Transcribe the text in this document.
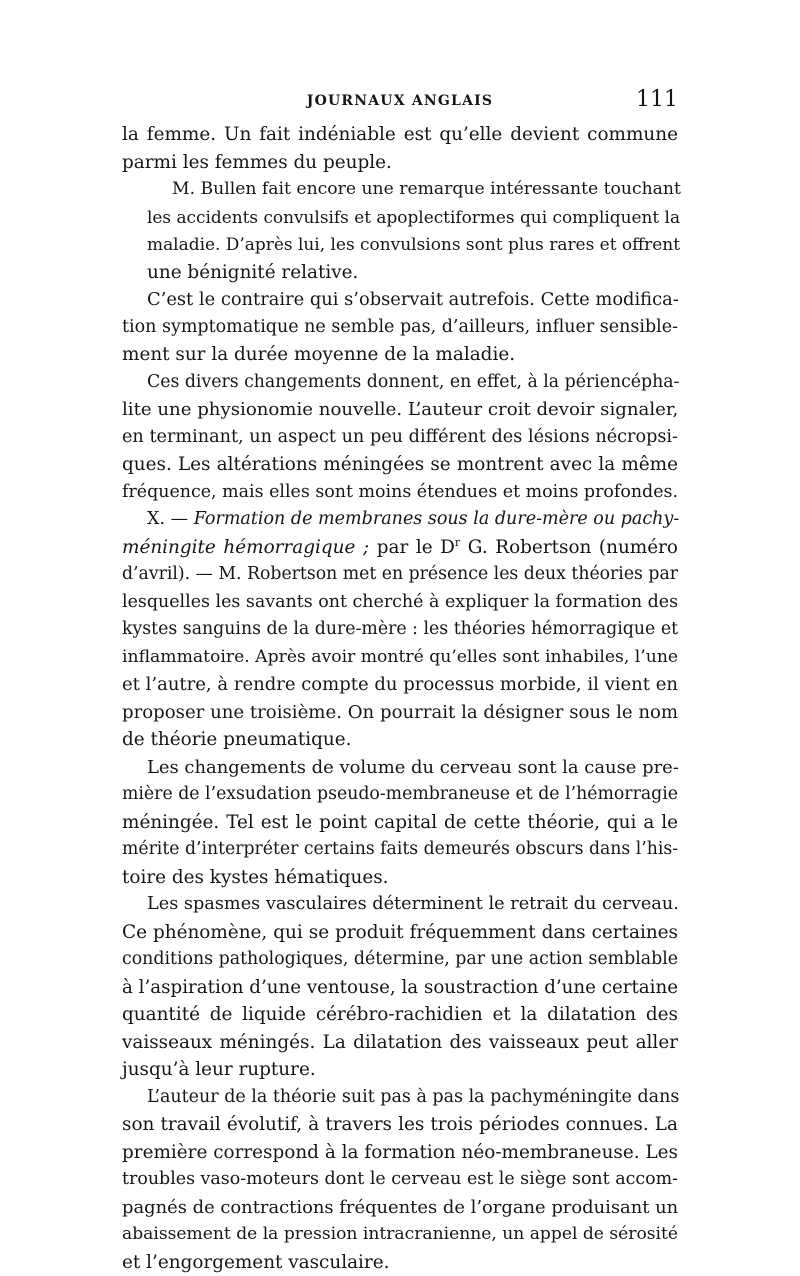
JOURNAUX ANGLAIS	111

la femme. Un fait indéniable est qu’elle devient commune
parmi les femmes du peuple.

M. Bullen fait encore une remarque intéressante touchant
les accidents convulsifs et apoplectiformes qui compliquent la
maladie. D’après lui, les convulsions sont plus rares et offrent
une bénignité relative.

C’est le contraire qui s’observait autrefois. Cette modifica-
tion symptomatique ne semble pas, d’ailleurs, influer sensible-
ment sur la durée moyenne de la maladie.

Ces divers changements donnent, en effet, à la périencépha-
lite une physionomie nouvelle. L’auteur croit devoir signaler,
en terminant, un aspect un peu différent des lésions nécropsi-
ques. Les altérations méningées se montrent avec la même
fréquence, mais elles sont moins étendues et moins profondes.

X. — Formation de membranes sous la dure-mère ou pachy-
méningite hémorragique ; par le $D^r$ G. Robertson (numéro
d’avril). — M. Robertson met en présence les deux théories par
lesquelles les savants ont cherché à expliquer la formation des
kystes sanguins de la dure-mère : les théories hémorragique et
inflammatoire. Après avoir montré qu’elles sont inhabiles, l’une
et l’autre, à rendre compte du processus morbide, il vient en
proposer une troisième. On pourrait la désigner sous le nom
de théorie pneumatique.

Les changements de volume du cerveau sont la cause pre-
mière de l’exsudation pseudo-membraneuse et de l’hémorragie
méningée. Tel est le point capital de cette théorie, qui a le
mérite d’interpréter certains faits demeurés obscurs dans l’his-
toire des kystes hématiques.

Les spasmes vasculaires déterminent le retrait du cerveau.
Ce phénomène, qui se produit fréquemment dans certaines
conditions pathologiques, détermine, par une action semblable
à l’aspiration d’une ventouse, la soustraction d’une certaine
quantité de liquide cérébro-rachidien et la dilatation des
vaisseaux méningés. La dilatation des vaisseaux peut aller
jusqu’à leur rupture.

L’auteur de la théorie suit pas à pas la pachyméningite dans
son travail évolutif, à travers les trois périodes connues. La
première correspond à la formation néo-membraneuse. Les
troubles vaso-moteurs dont le cerveau est le siège sont accom-
pagnés de contractions fréquentes de l’organe produisant un
abaissement de la pression intracranienne, un appel de sérosité
et l’engorgement vasculaire.
